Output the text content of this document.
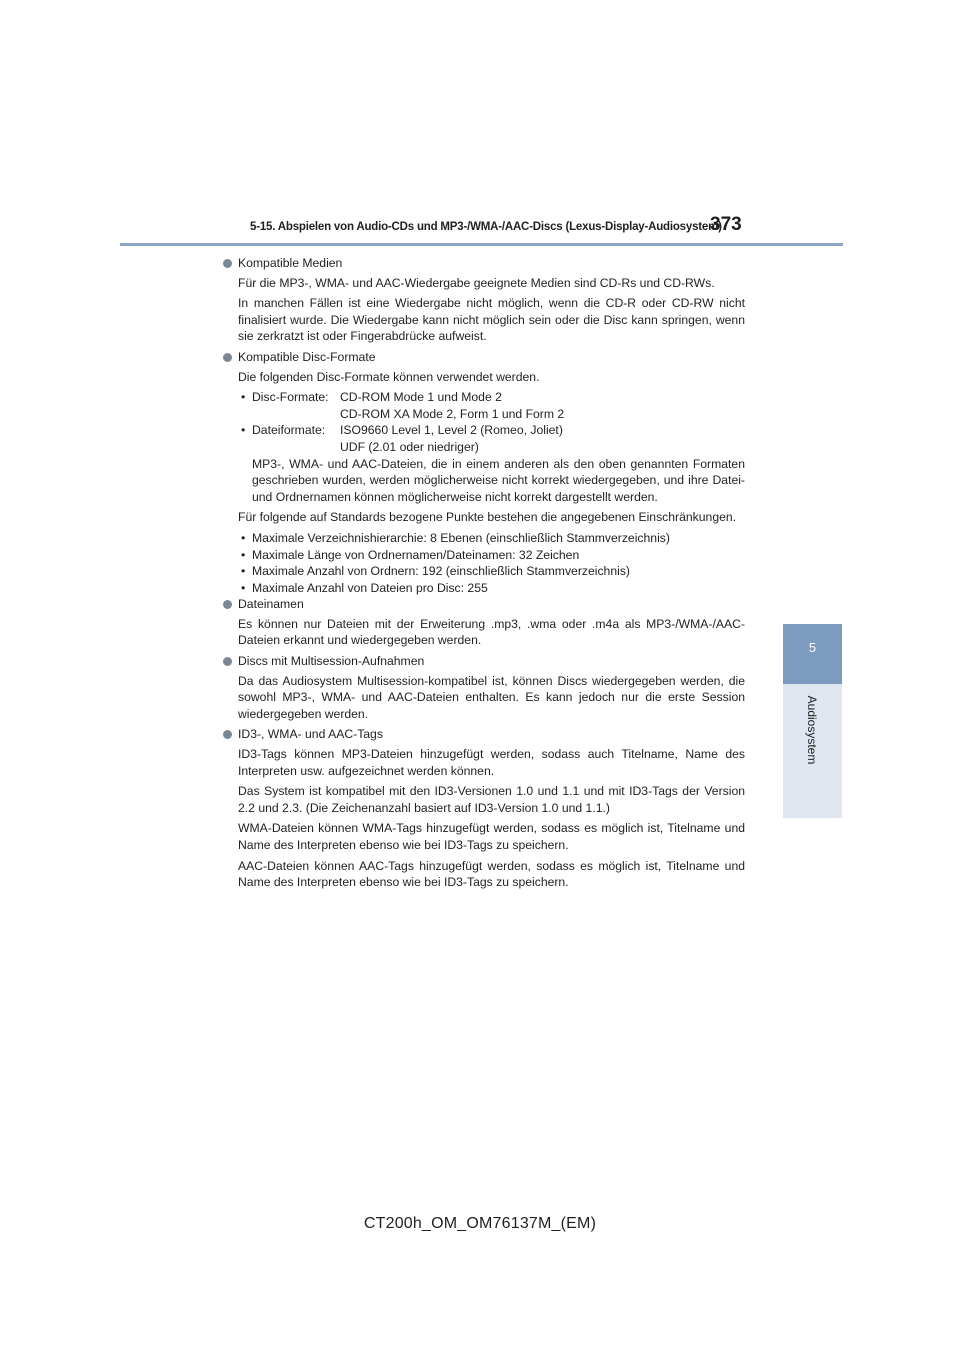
5-15. Abspielen von Audio-CDs und MP3-/WMA-/AAC-Discs (Lexus-Display-Audiosystem)
373
5
Audiosystem
Kompatible Medien
Für die MP3-, WMA- und AAC-Wiedergabe geeignete Medien sind CD-Rs und CD-RWs.
In manchen Fällen ist eine Wiedergabe nicht möglich, wenn die CD-R oder CD-RW nicht finalisiert wurde. Die Wiedergabe kann nicht möglich sein oder die Disc kann springen, wenn sie zerkratzt ist oder Fingerabdrücke aufweist.
Kompatible Disc-Formate
Die folgenden Disc-Formate können verwendet werden.
• Disc-Formate: CD-ROM Mode 1 und Mode 2
CD-ROM XA Mode 2, Form 1 und Form 2
• Dateiformate:	ISO9660 Level 1, Level 2 (Romeo, Joliet)
UDF (2.01 oder niedriger)
MP3-, WMA- und AAC-Dateien, die in einem anderen als den oben genannten Formaten geschrieben wurden, werden möglicherweise nicht korrekt wiedergegeben, und ihre Datei- und Ordnernamen können möglicherweise nicht korrekt dargestellt werden.
Für folgende auf Standards bezogene Punkte bestehen die angegebenen Einschränkungen.
• Maximale Verzeichnishierarchie: 8 Ebenen (einschließlich Stammverzeichnis)
• Maximale Länge von Ordnernamen/Dateinamen: 32 Zeichen
• Maximale Anzahl von Ordnern: 192 (einschließlich Stammverzeichnis)
• Maximale Anzahl von Dateien pro Disc: 255
Dateinamen
Es können nur Dateien mit der Erweiterung .mp3, .wma oder .m4a als MP3-/WMA-/AAC-Dateien erkannt und wiedergegeben werden.
Discs mit Multisession-Aufnahmen
Da das Audiosystem Multisession-kompatibel ist, können Discs wiedergegeben werden, die sowohl MP3-, WMA- und AAC-Dateien enthalten. Es kann jedoch nur die erste Session wiedergegeben werden.
ID3-, WMA- und AAC-Tags
ID3-Tags können MP3-Dateien hinzugefügt werden, sodass auch Titelname, Name des Interpreten usw. aufgezeichnet werden können.
Das System ist kompatibel mit den ID3-Versionen 1.0 und 1.1 und mit ID3-Tags der Version 2.2 und 2.3. (Die Zeichenanzahl basiert auf ID3-Version 1.0 und 1.1.)
WMA-Dateien können WMA-Tags hinzugefügt werden, sodass es möglich ist, Titelname und Name des Interpreten ebenso wie bei ID3-Tags zu speichern.
AAC-Dateien können AAC-Tags hinzugefügt werden, sodass es möglich ist, Titelname und Name des Interpreten ebenso wie bei ID3-Tags zu speichern.
CT200h_OM_OM76137M_(EM)
